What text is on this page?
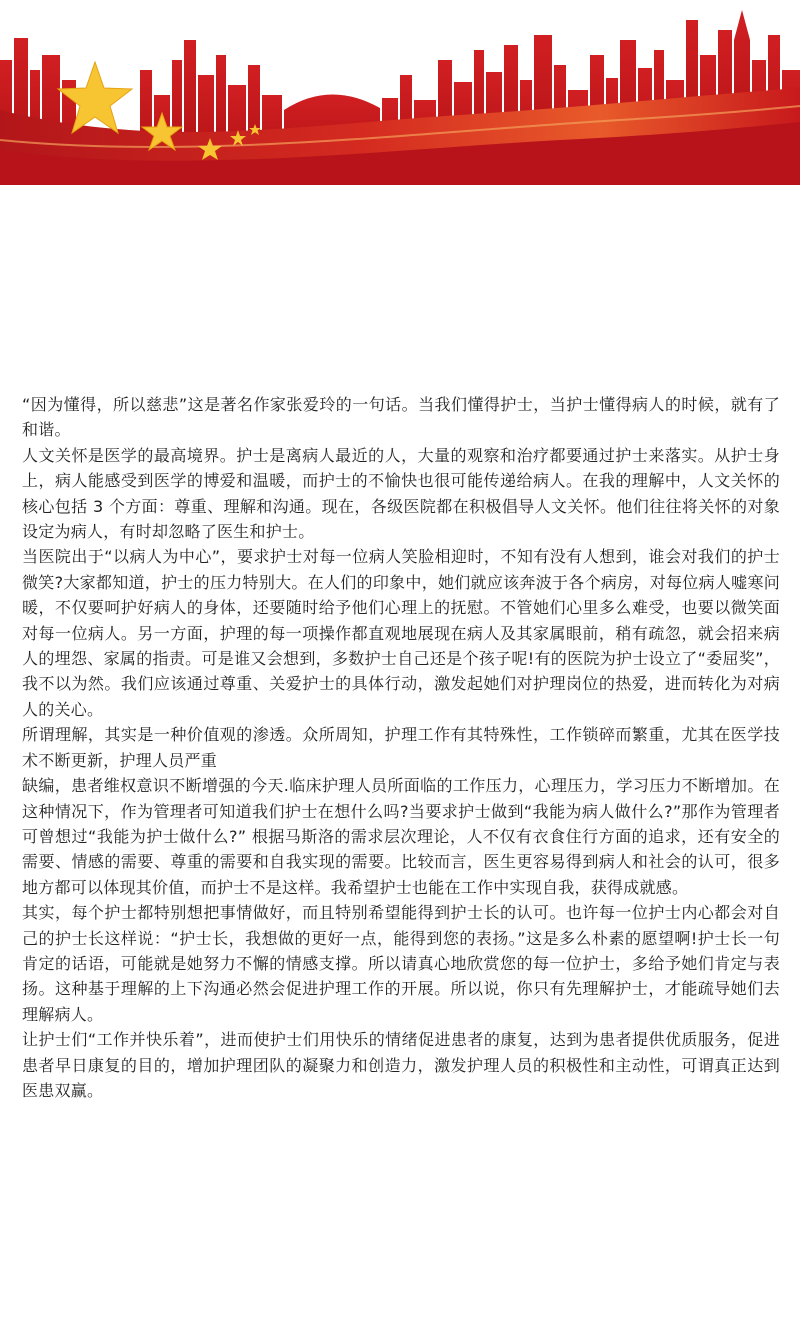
“因为懂得，所以慈悲”这是著名作家张爱玲的一句话。当我们懂得护士，当护士懂得病人的时候，就有了和谐。

人文关怀是医学的最高境界。护士是离病人最近的人，大量的观察和治疗都要通过护士来落实。从护士身上，病人能感受到医学的博爱和温暖，而护士的不愉快也很可能传递给病人。在我的理解中，人文关怀的核心包括 3 个方面：尊重、理解和沟通。现在，各级医院都在积极倡导人文关怀。他们往往将关怀的对象设定为病人，有时却忽略了医生和护士。

当医院出于“以病人为中心”，要求护士对每一位病人笑脸相迎时，不知有没有人想到，谁会对我们的护士微笑?大家都知道，护士的压力特别大。在人们的印象中，她们就应该奔波于各个病房，对每位病人嘘寒问暖，不仅要呵护好病人的身体，还要随时给予他们心理上的抚慰。不管她们心里多么难受，也要以微笑面对每一位病人。另一方面，护理的每一项操作都直观地展现在病人及其家属眼前，稍有疏忽，就会招来病人的埋怨、家属的指责。可是谁又会想到，多数护士自己还是个孩子呢!有的医院为护士设立了“委屈奖”，我不以为然。我们应该通过尊重、关爱护士的具体行动，激发起她们对护理岗位的热爱，进而转化为对病人的关心。

所谓理解，其实是一种价值观的渗透。众所周知，护理工作有其特殊性，工作锁碎而繁重，尤其在医学技术不断更新，护理人员严重

缺编，患者维权意识不断增强的今天.临床护理人员所面临的工作压力，心理压力，学习压力不断增加。在这种情况下，作为管理者可知道我们护士在想什么吗?当要求护士做到“我能为病人做什么?”那作为管理者可曾想过“我能为护士做什么?” 根据马斯洛的需求层次理论，人不仅有衣食住行方面的追求，还有安全的需要、情感的需要、尊重的需要和自我实现的需要。比较而言，医生更容易得到病人和社会的认可，很多地方都可以体现其价值，而护士不是这样。我希望护士也能在工作中实现自我，获得成就感。

其实，每个护士都特别想把事情做好，而且特别希望能得到护士长的认可。也许每一位护士内心都会对自己的护士长这样说：“护士长，我想做的更好一点，能得到您的表扬。”这是多么朴素的愿望啊!护士长一句肯定的话语，可能就是她努力不懈的情感支撑。所以请真心地欣赏您的每一位护士，多给予她们肯定与表扬。这种基于理解的上下沟通必然会促进护理工作的开展。所以说，你只有先理解护士，才能疏导她们去理解病人。

让护士们“工作并快乐着”，进而使护士们用快乐的情绪促进患者的康复，达到为患者提供优质服务，促进患者早日康复的目的，增加护理团队的凝聚力和创造力，激发护理人员的积极性和主动性，可谓真正达到医患双赢。
